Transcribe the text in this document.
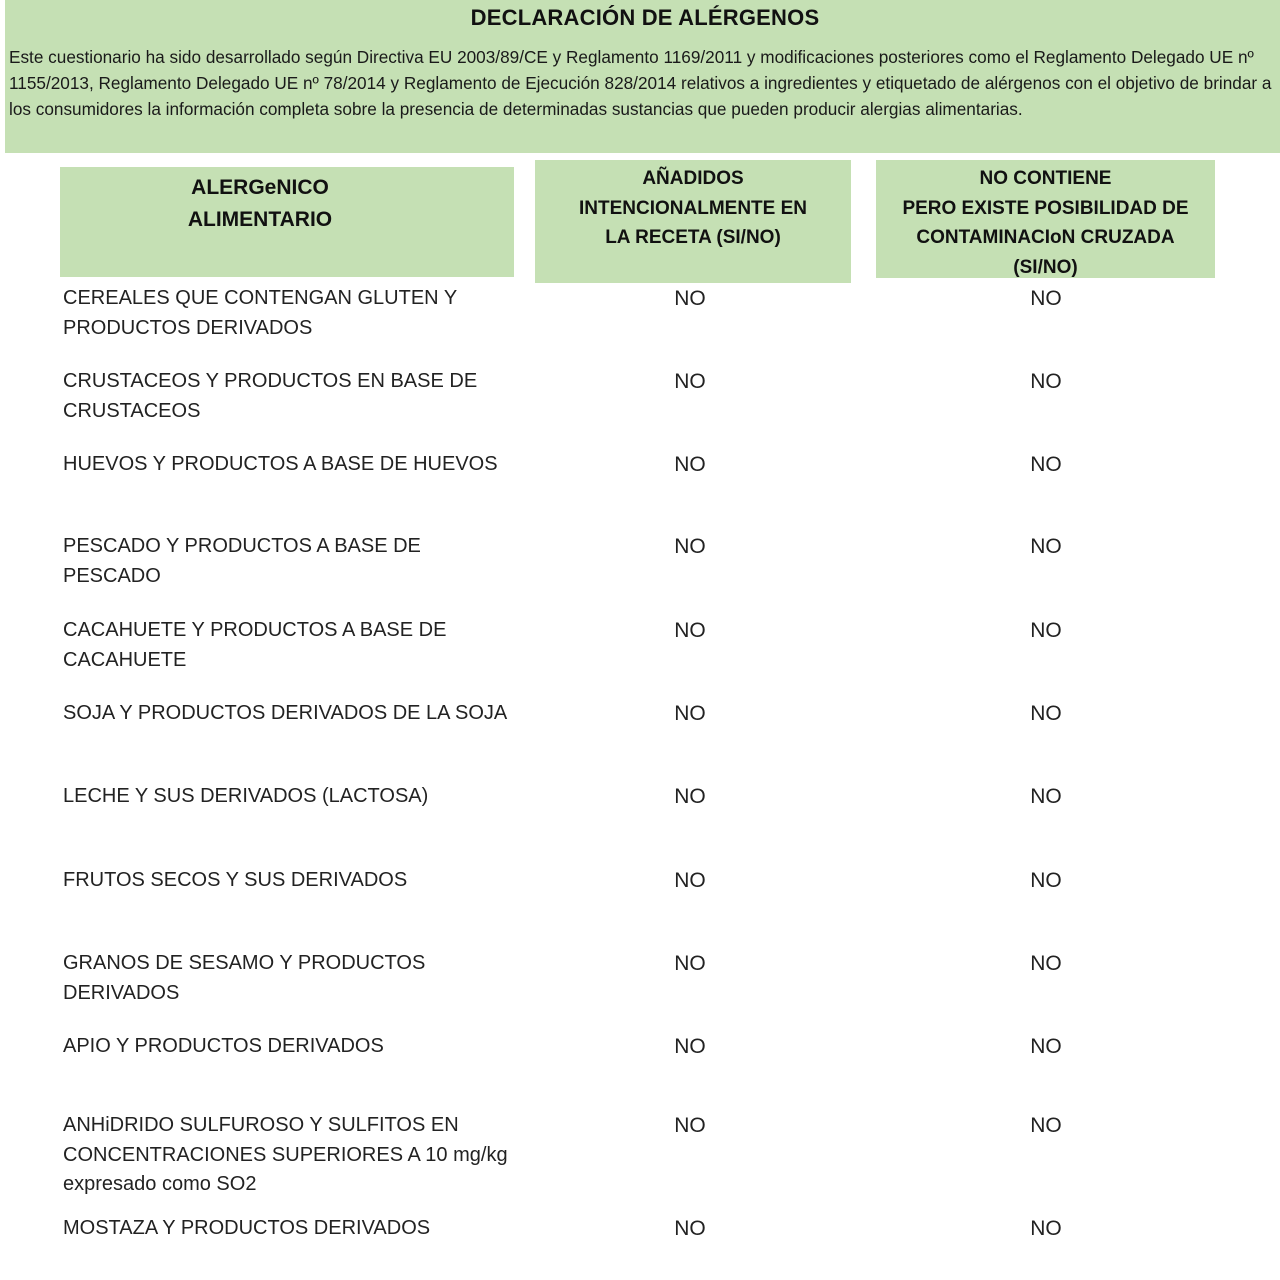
DECLARACIÓN DE ALÉRGENOS
Este cuestionario ha sido desarrollado según Directiva EU 2003/89/CE y Reglamento 1169/2011 y modificaciones posteriores como el Reglamento Delegado UE nº 1155/2013, Reglamento Delegado UE nº 78/2014 y Reglamento de Ejecución 828/2014 relativos a ingredientes y etiquetado de alérgenos con el objetivo de brindar a los consumidores la información completa sobre la presencia de determinadas sustancias que pueden producir alergias alimentarias.
ALERGeNICO
ALIMENTARIO
AÑADIDOS
INTENCIONALMENTE EN
LA RECETA (SI/NO)
NO CONTIENE
PERO EXISTE POSIBILIDAD DE
CONTAMINACIoN CRUZADA
(SI/NO)
CEREALES QUE CONTENGAN GLUTEN Y
PRODUCTOS DERIVADOS
NO	NO
CRUSTACEOS Y PRODUCTOS EN BASE DE
CRUSTACEOS
NO	NO
HUEVOS Y PRODUCTOS A BASE DE HUEVOS	NO	NO
PESCADO Y PRODUCTOS A BASE DE PESCADO
NO	NO
CACAHUETE Y PRODUCTOS A BASE DE
CACAHUETE
NO	NO
SOJA Y PRODUCTOS DERIVADOS DE LA SOJA	NO	NO
LECHE Y SUS DERIVADOS (LACTOSA)	NO	NO
FRUTOS SECOS Y SUS DERIVADOS	NO	NO
GRANOS DE SESAMO Y PRODUCTOS
DERIVADOS
NO	NO
APIO Y PRODUCTOS DERIVADOS	NO	NO
ANHiDRIDO SULFUROSO Y SULFITOS EN
CONCENTRACIONES SUPERIORES A 10 mg/kg
expresado como SO2
NO	NO
MOSTAZA Y PRODUCTOS DERIVADOS	NO	NO
